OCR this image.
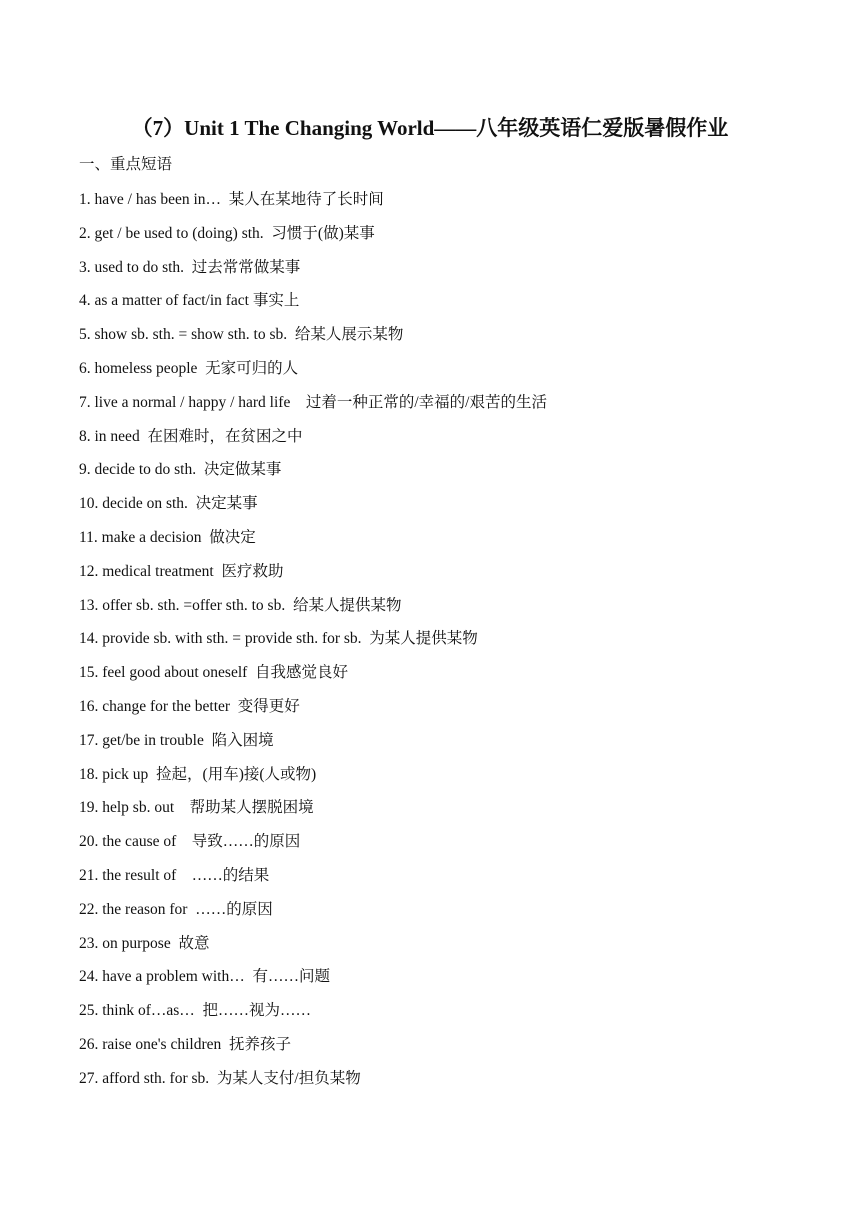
（7）Unit 1 The Changing World——八年级英语仁爱版暑假作业
一、重点短语
1. have / has been in…  某人在某地待了长时间
2. get / be used to (doing) sth.  习惯于(做)某事
3. used to do sth.  过去常常做某事
4. as a matter of fact/in fact 事实上
5. show sb. sth. = show sth. to sb.  给某人展示某物
6. homeless people  无家可归的人
7. live a normal / happy / hard life    过着一种正常的/幸福的/艰苦的生活
8. in need  在困难时，在贫困之中
9. decide to do sth.  决定做某事
10. decide on sth.  决定某事
11. make a decision  做决定
12. medical treatment  医疗救助
13. offer sb. sth. =offer sth. to sb.  给某人提供某物
14. provide sb. with sth. = provide sth. for sb.  为某人提供某物
15. feel good about oneself  自我感觉良好
16. change for the better  变得更好
17. get/be in trouble  陷入困境
18. pick up  捡起，(用车)接(人或物)
19. help sb. out    帮助某人摆脱困境
20. the cause of    导致……的原因
21. the result of    ……的结果
22. the reason for  ……的原因
23. on purpose  故意
24. have a problem with…  有……问题
25. think of…as…  把……视为……
26. raise one's children  抚养孩子
27. afford sth. for sb.  为某人支付/担负某物
